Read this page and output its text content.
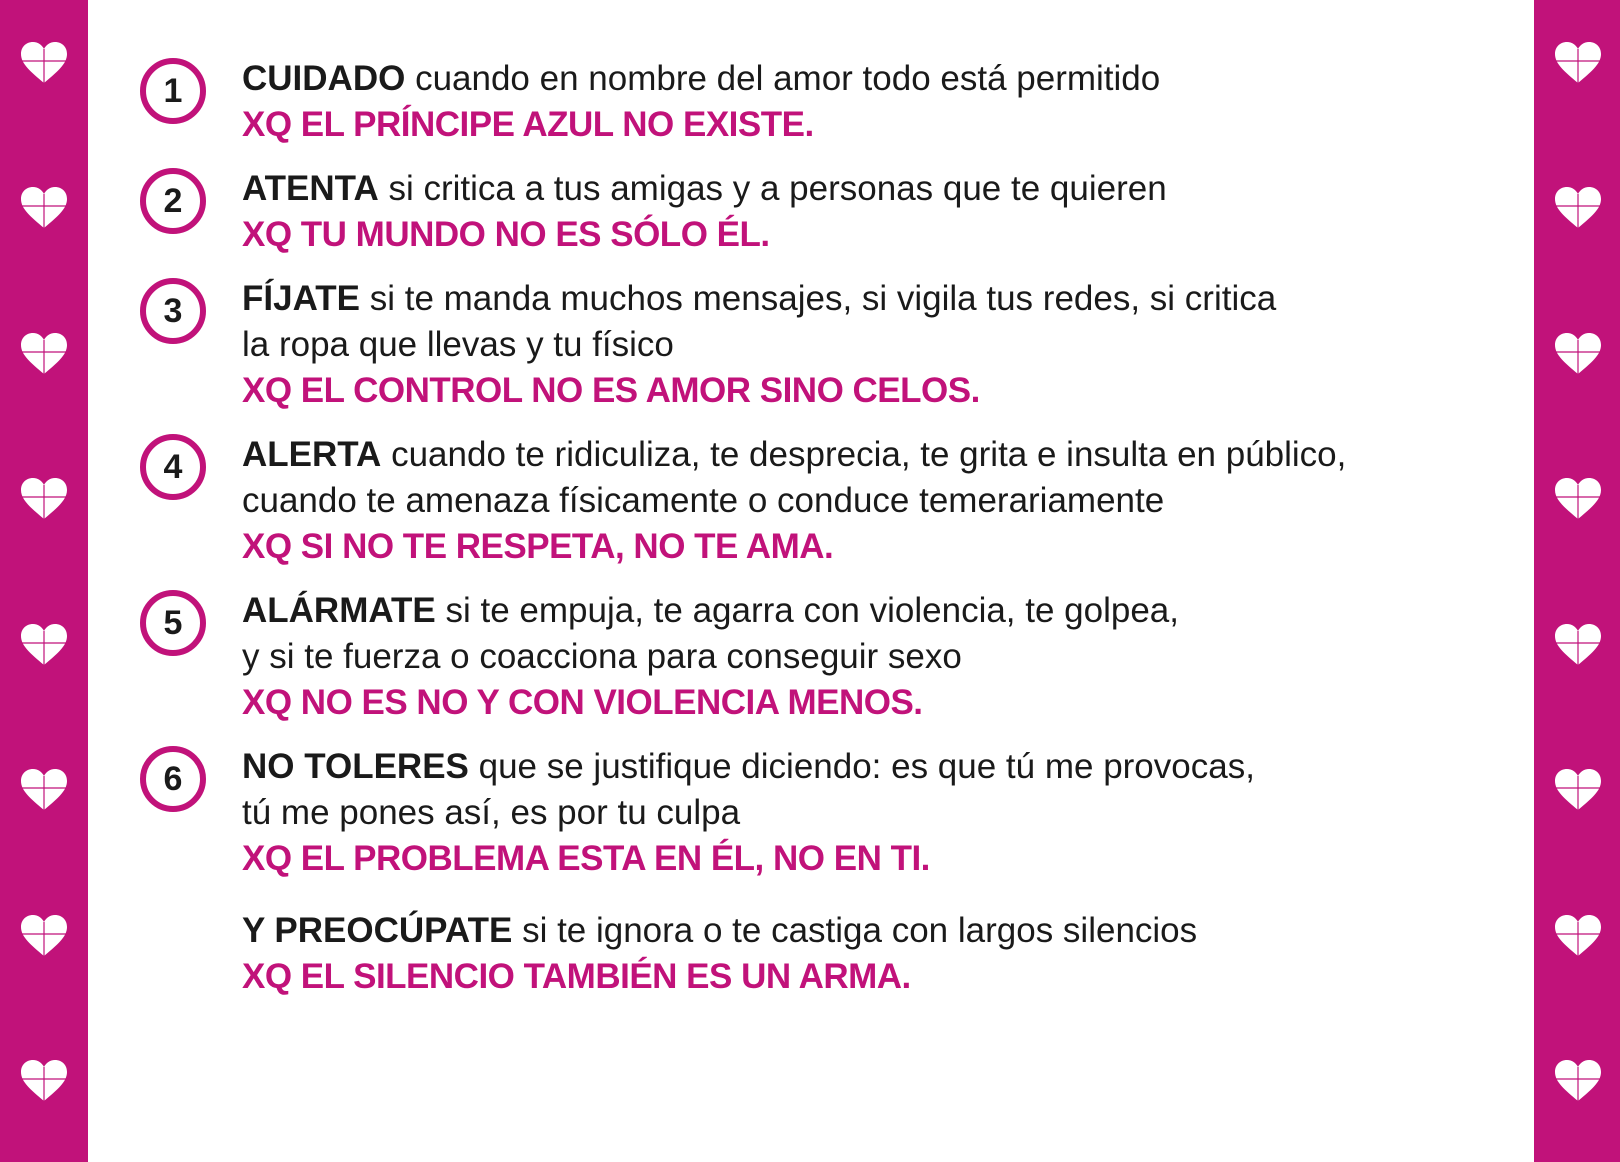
1 CUIDADO cuando en nombre del amor todo está permitido
XQ EL PRÍNCIPE AZUL NO EXISTE.
2 ATENTA si critica a tus amigas y a personas que te quieren
XQ TU MUNDO NO ES SÓLO ÉL.
3 FÍJATE si te manda muchos mensajes, si vigila tus redes, si critica
la ropa que llevas y tu físico
XQ EL CONTROL NO ES AMOR SINO CELOS.
4 ALERTA cuando te ridiculiza, te desprecia, te grita e insulta en público,
cuando te amenaza físicamente o conduce temerariamente
XQ SI NO TE RESPETA, NO TE AMA.
5 ALÁRMATE si te empuja, te agarra con violencia, te golpea,
y si te fuerza o coacciona para conseguir sexo
XQ NO ES NO Y CON VIOLENCIA MENOS.
6 NO TOLERES que se justifique diciendo: es que tú me provocas,
tú me pones así, es por tu culpa
XQ EL PROBLEMA ESTA EN ÉL, NO EN TI.
Y PREOCÚPATE si te ignora o te castiga con largos silencios
XQ EL SILENCIO TAMBIÉN ES UN ARMA.
